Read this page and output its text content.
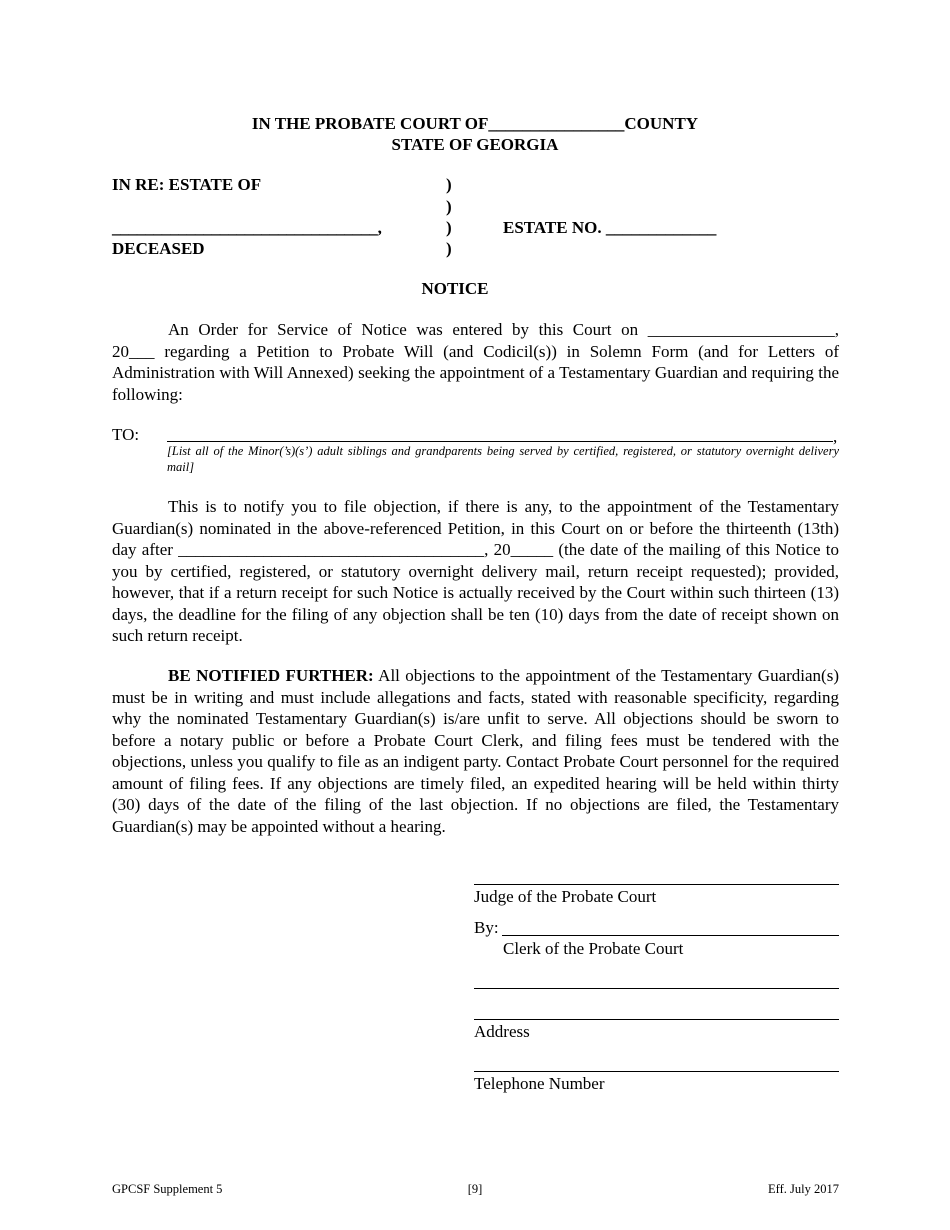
IN THE PROBATE COURT OF________________COUNTY
STATE OF GEORGIA
IN RE: ESTATE OF	)
)
________________________________,	)	ESTATE NO. _____________
DECEASED	)
NOTICE
An Order for Service of Notice was entered by this Court on ______________________,
20___ regarding a Petition to Probate Will (and Codicil(s)) in Solemn Form (and for Letters of Administration with Will Annexed) seeking the appointment of a Testamentary Guardian and requiring the following:
TO:	,
[List all of the Minor(’s)(s’) adult siblings and grandparents being served by certified, registered, or statutory overnight delivery mail]
This is to notify you to file objection, if there is any, to the appointment of the Testamentary Guardian(s) nominated in the above-referenced Petition, in this Court on or before the thirteenth (13th) day after ____________________________________, 20_____ (the date of the mailing of this Notice to you by certified, registered, or statutory overnight delivery mail, return receipt requested); provided, however, that if a return receipt for such Notice is actually received by the Court within such thirteen (13) days, the deadline for the filing of any objection shall be ten (10) days from the date of receipt shown on such return receipt.
BE NOTIFIED FURTHER: All objections to the appointment of the Testamentary Guardian(s) must be in writing and must include allegations and facts, stated with reasonable specificity, regarding why the nominated Testamentary Guardian(s) is/are unfit to serve. All objections should be sworn to before a notary public or before a Probate Court Clerk, and filing fees must be tendered with the objections, unless you qualify to file as an indigent party. Contact Probate Court personnel for the required amount of filing fees. If any objections are timely filed, an expedited hearing will be held within thirty (30) days of the date of the filing of the last objection. If no objections are filed, the Testamentary Guardian(s) may be appointed without a hearing.
Judge of the Probate Court
By:
Clerk of the Probate Court
Address
Telephone Number
GPCSF Supplement 5	[9]	Eff. July 2017
